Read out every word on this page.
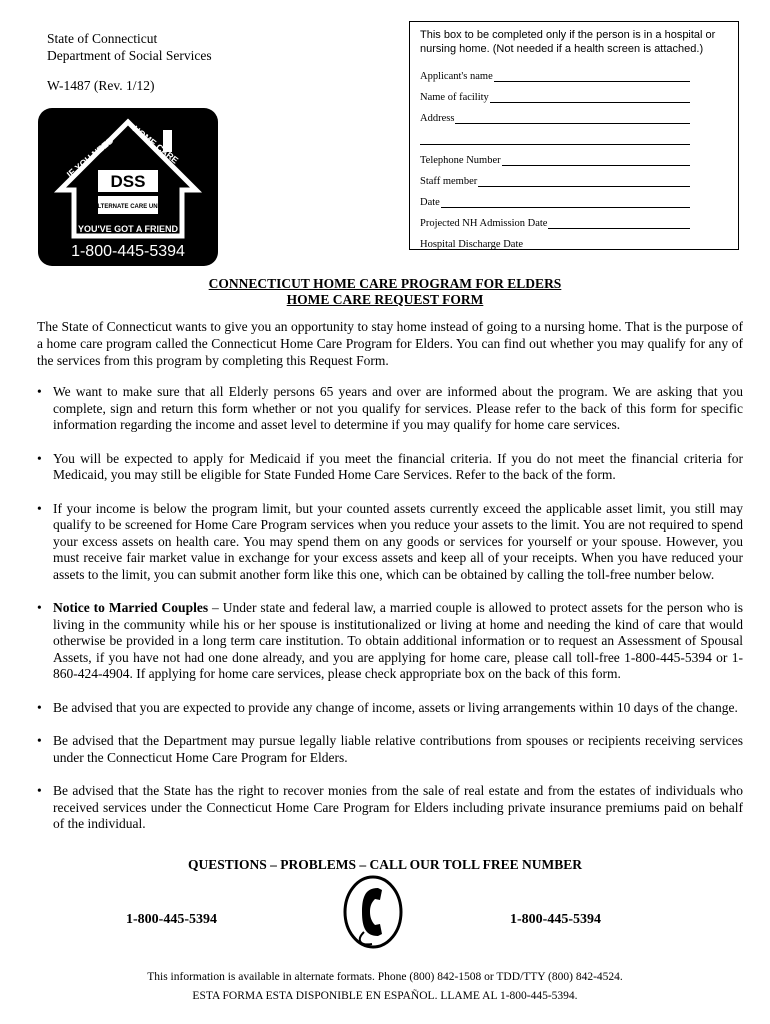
State of Connecticut
Department of Social Services
W-1487 (Rev. 1/12)
IF YOU NEED
HOME CARE
DSS
ALTERNATE CARE UNIT
YOU'VE GOT A FRIEND
1-800-445-5394
This box to be completed only if the person is in a hospital or nursing home. (Not needed if a health screen is attached.)
Applicant's name
Name of facility
Address
Telephone Number
Staff member
Date
Projected NH Admission Date
Hospital Discharge Date
CONNECTICUT HOME CARE PROGRAM FOR ELDERS
HOME CARE REQUEST FORM
The State of Connecticut wants to give you an opportunity to stay home instead of going to a nursing home. That is the purpose of a home care program called the Connecticut Home Care Program for Elders. You can find out whether you may qualify for any of the services from this program by completing this Request Form.
• We want to make sure that all Elderly persons 65 years and over are informed about the program. We are asking that you complete, sign and return this form whether or not you qualify for services. Please refer to the back of this form for specific information regarding the income and asset level to determine if you may qualify for home care services.
• You will be expected to apply for Medicaid if you meet the financial criteria. If you do not meet the financial criteria for Medicaid, you may still be eligible for State Funded Home Care Services. Refer to the back of the form.
• If your income is below the program limit, but your counted assets currently exceed the applicable asset limit, you still may qualify to be screened for Home Care Program services when you reduce your assets to the limit. You are not required to spend your excess assets on health care. You may spend them on any goods or services for yourself or your spouse. However, you must receive fair market value in exchange for your excess assets and keep all of your receipts. When you have reduced your assets to the limit, you can submit another form like this one, which can be obtained by calling the toll-free number below.
• Notice to Married Couples – Under state and federal law, a married couple is allowed to protect assets for the person who is living in the community while his or her spouse is institutionalized or living at home and needing the kind of care that would otherwise be provided in a long term care institution. To obtain additional information or to request an Assessment of Spousal Assets, if you have not had one done already, and you are applying for home care, please call toll-free 1-800-445-5394 or 1-860-424-4904. If applying for home care services, please check appropriate box on the back of this form.
• Be advised that you are expected to provide any change of income, assets or living arrangements within 10 days of the change.
• Be advised that the Department may pursue legally liable relative contributions from spouses or recipients receiving services under the Connecticut Home Care Program for Elders.
• Be advised that the State has the right to recover monies from the sale of real estate and from the estates of individuals who received services under the Connecticut Home Care Program for Elders including private insurance premiums paid on behalf of the individual.
QUESTIONS – PROBLEMS – CALL OUR TOLL FREE NUMBER
1-800-445-5394	1-800-445-5394
This information is available in alternate formats. Phone (800) 842-1508 or TDD/TTY (800) 842-4524.
ESTA FORMA ESTA DISPONIBLE EN ESPAÑOL. LLAME AL 1-800-445-5394.
